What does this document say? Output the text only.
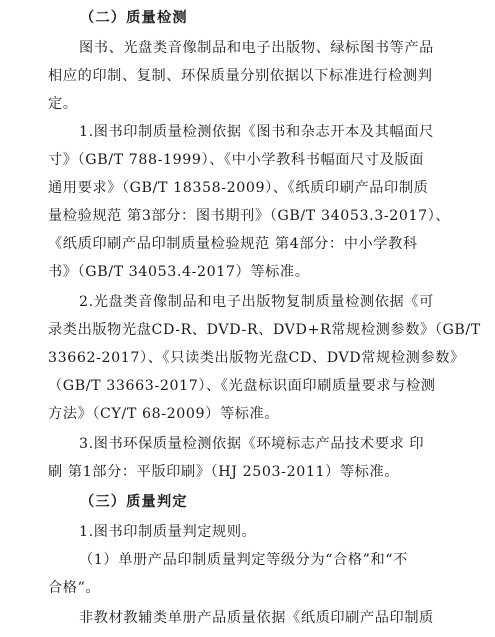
（二）质量检测
图书、光盘类音像制品和电子出版物、绿标图书等产品
相应的印制、复制、环保质量分别依据以下标准进行检测判
定。
1.图书印制质量检测依据《图书和杂志开本及其幅面尺
寸》（GB/T 788-1999）、《中小学教科书幅面尺寸及版面
通用要求》（GB/T 18358-2009）、《纸质印刷产品印制质
量检验规范 第3部分：图书期刊》（GB/T 34053.3-2017）、
《纸质印刷产品印制质量检验规范 第4部分：中小学教科
书》（GB/T 34053.4-2017）等标准。
2.光盘类音像制品和电子出版物复制质量检测依据《可
录类出版物光盘CD-R、DVD-R、DVD+R常规检测参数》（GB/T
33662-2017）、《只读类出版物光盘CD、DVD常规检测参数》
（GB/T 33663-2017）、《光盘标识面印刷质量要求与检测
方法》（CY/T 68-2009）等标准。
3.图书环保质量检测依据《环境标志产品技术要求 印
刷 第1部分：平版印刷》（HJ 2503-2011）等标准。
（三）质量判定
1.图书印制质量判定规则。
（1）单册产品印制质量判定等级分为“合格”和“不
合格”。
非教材教辅类单册产品质量依据《纸质印刷产品印制质
